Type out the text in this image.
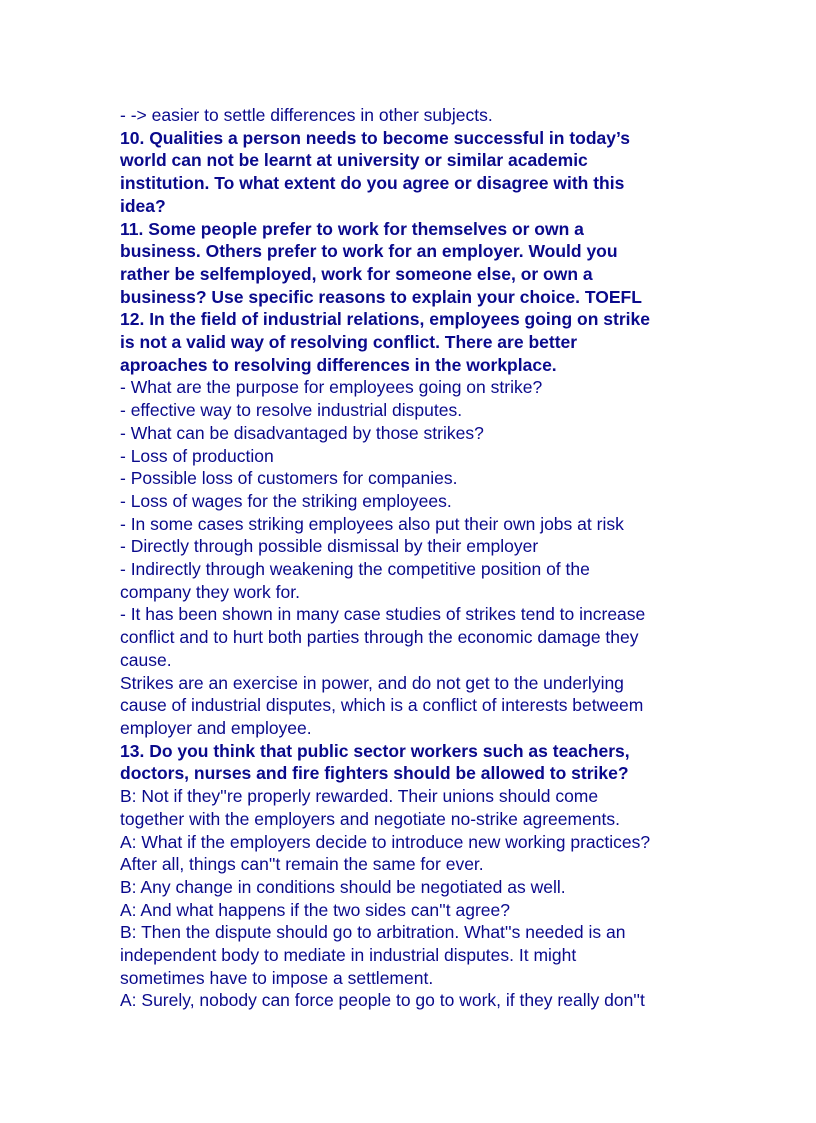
- -> easier to settle differences in other subjects.
10. Qualities a person needs to become successful in today’s
world can not be learnt at university or similar academic
institution. To what extent do you agree or disagree with this
idea?
11. Some people prefer to work for themselves or own a
business. Others prefer to work for an employer. Would you
rather be selfemployed, work for someone else, or own a
business? Use specific reasons to explain your choice. TOEFL
12. In the field of industrial relations, employees going on strike
is not a valid way of resolving conflict. There are better
aproaches to resolving differences in the workplace.
- What are the purpose for employees going on strike?
- effective way to resolve industrial disputes.
- What can be disadvantaged by those strikes?
- Loss of production
- Possible loss of customers for companies.
- Loss of wages for the striking employees.
- In some cases striking employees also put their own jobs at risk
- Directly through possible dismissal by their employer
- Indirectly through weakening the competitive position of the
company they work for.
- It has been shown in many case studies of strikes tend to increase
conflict and to hurt both parties through the economic damage they
cause.
Strikes are an exercise in power, and do not get to the underlying
cause of industrial disputes, which is a conflict of interests betweem
employer and employee.
13. Do you think that public sector workers such as teachers,
doctors, nurses and fire fighters should be allowed to strike?
B: Not if they''re properly rewarded. Their unions should come
together with the employers and negotiate no-strike agreements.
A: What if the employers decide to introduce new working practices?
After all, things can''t remain the same for ever.
B: Any change in conditions should be negotiated as well.
A: And what happens if the two sides can''t agree?
B: Then the dispute should go to arbitration. What''s needed is an
independent body to mediate in industrial disputes. It might
sometimes have to impose a settlement.
A: Surely, nobody can force people to go to work, if they really don''t
